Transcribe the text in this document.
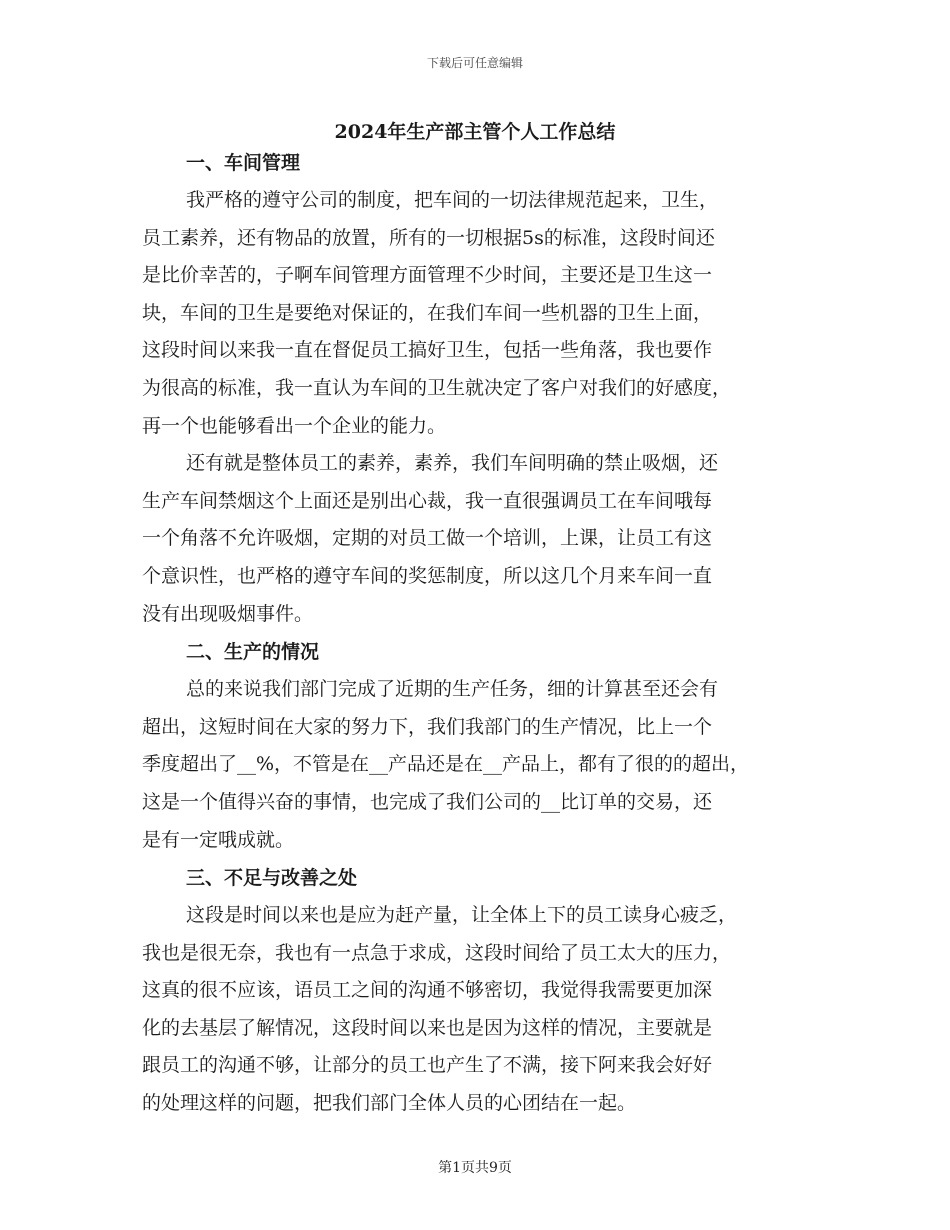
下载后可任意编辑
2024年生产部主管个人工作总结
一、车间管理
我严格的遵守公司的制度，把车间的一切法律规范起来，卫生，
员工素养，还有物品的放置，所有的一切根据5s的标准，这段时间还
是比价幸苦的，子啊车间管理方面管理不少时间，主要还是卫生这一
块，车间的卫生是要绝对保证的，在我们车间一些机器的卫生上面，
这段时间以来我一直在督促员工搞好卫生，包括一些角落，我也要作
为很高的标准，我一直认为车间的卫生就决定了客户对我们的好感度，
再一个也能够看出一个企业的能力。
还有就是整体员工的素养，素养，我们车间明确的禁止吸烟，还
生产车间禁烟这个上面还是别出心裁，我一直很强调员工在车间哦每
一个角落不允许吸烟，定期的对员工做一个培训，上课，让员工有这
个意识性，也严格的遵守车间的奖惩制度，所以这几个月来车间一直
没有出现吸烟事件。
二、生产的情况
总的来说我们部门完成了近期的生产任务，细的计算甚至还会有
超出，这短时间在大家的努力下，我们我部门的生产情况，比上一个
季度超出了__%，不管是在__产品还是在__产品上，都有了很的的超出，
这是一个值得兴奋的事情，也完成了我们公司的__比订单的交易，还
是有一定哦成就。
三、不足与改善之处
这段是时间以来也是应为赶产量，让全体上下的员工读身心疲乏，
我也是很无奈，我也有一点急于求成，这段时间给了员工太大的压力，
这真的很不应该，语员工之间的沟通不够密切，我觉得我需要更加深
化的去基层了解情况，这段时间以来也是因为这样的情况，主要就是
跟员工的沟通不够，让部分的员工也产生了不满，接下阿来我会好好
的处理这样的问题，把我们部门全体人员的心团结在一起。
第1页共9页
